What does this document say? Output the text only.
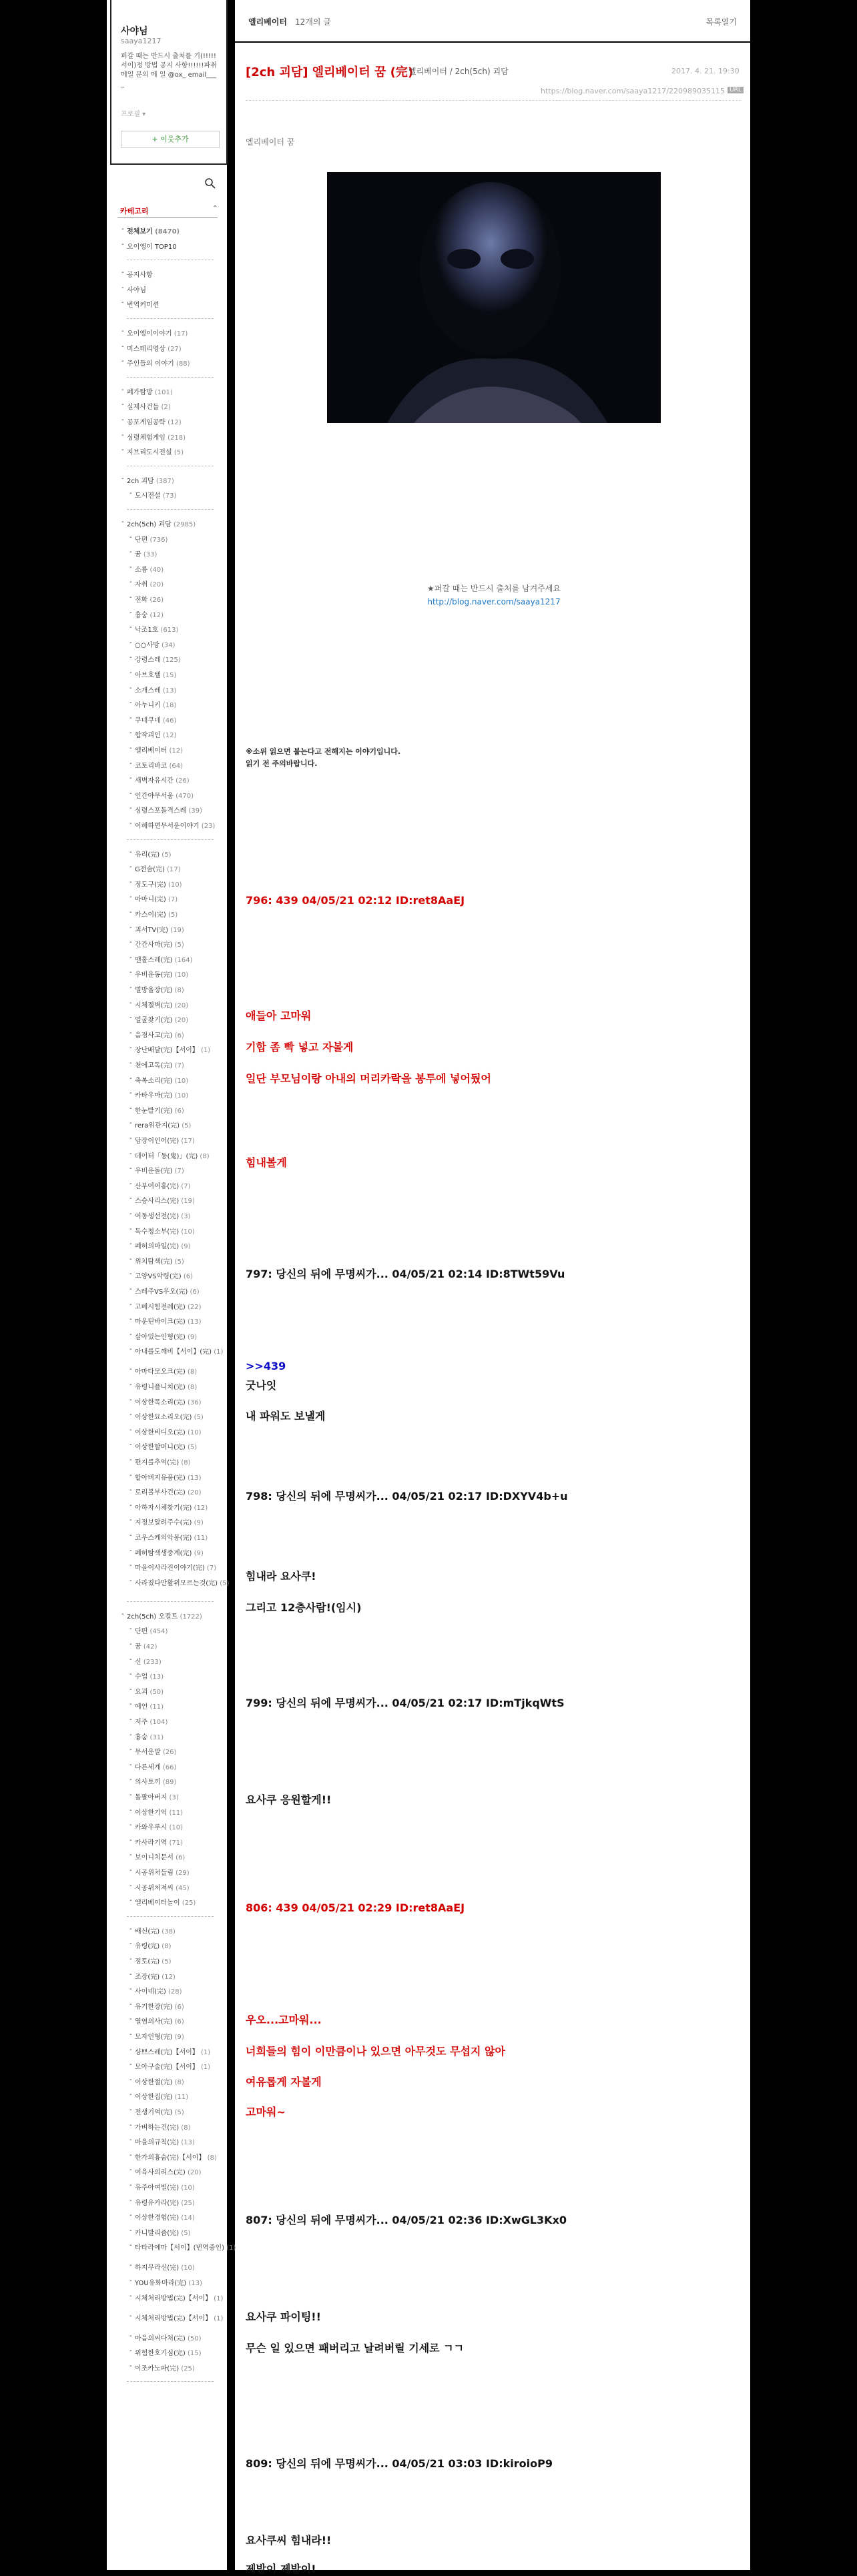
사야님
saaya1217
퍼갈 때는 반드시 출처를 기(!!!!! 서이)정 방법 공지 사항!!!!!!파취메일 문의 메 일 @ox_ email____
프로필 ▾
+ 이웃추가
카테고리	⌃
엘리베이터 12개의 글	목록열기
[2ch 괴담] 엘리베이터 꿈 (完)
엘리베이터 / 2ch(5ch) 괴담	2017. 4. 21. 19:30
https://blog.naver.com/saaya1217/220989035115 URL
엘리베이터 꿈
★퍼갈 때는 반드시 출처를 남겨주세요
http://blog.naver.com/saaya1217
※소위 읽으면 붙는다고 전해지는 이야기입니다.
읽기 전 주의바랍니다.
‐ 전체보기 (8470)
‐ 오이앵이 TOP10
‐ 공지사항
‐ 사야님
‐ 번역커미션
‐ 오이앵이이야기 (17)
‐ 미스테리영상 (27)
‐ 주인들의 이야기 (88)
‐ 폐가탐방 (101)
‐ 실제사건들 (2)
‐ 공포게임공략 (12)
‐ 심령체험게임 (218)
‐ 지브리도시전설 (5)
‐ 2ch 괴담 (387)
‐ 도시전설 (73)
‐ 2ch(5ch) 괴담 (2985)
‐ 단편 (736)
‐ 꿈 (33)
‐ 소름 (40)
‐ 자취 (20)
‐ 전화 (26)
‐ 흉숨 (12)
‐ 낙조1호 (613)
‐ ○○사망 (34)
‐ 강령스레 (125)
‐ 아브호텔 (15)
‐ 소개스레 (13)
‐ 아누니키 (18)
‐ 쿠네쿠네 (46)
‐ 합작괴인 (12)
‐ 엘리베이터 (12)
‐ 코토리바코 (64)
‐ 새벽자유시간 (26)
‐ 인간야무서움 (470)
‐ 심령스포돌격스레 (39)
‐ 이해하면무서운이야기 (23)
‐ 유리(完) (5)
‐ G전술(完) (17)
‐ 정도구(完) (10)
‐ 마마니(完) (7)
‐ 카스이(完) (5)
‐ 괴서TV(完) (19)
‐ 간간사마(完) (5)
‐ 맨홀스레(完) (164)
‐ 우비운동(完) (10)
‐ 별방울장(完) (8)
‐ 시체절벽(完) (20)
‐ 얼굴찾기(完) (20)
‐ 음경사고(完) (6)
‐ 장난배달(完)【서이】 (1)
‐ 천에고독(完) (7)
‐ 축복소리(完) (10)
‐ 카타우마(完) (10)
‐ 한눈밭기(完) (6)
‐ rera위관지(完) (5)
‐ 담장이인어(完) (17)
‐ 데이터「동(鬼)」(完) (8)
‐ 우비운돌(完) (7)
‐ 산부여여홍(完) (7)
‐ 스승사리스(完) (19)
‐ 여동생선전(完) (3)
‐ 독수청소부(完) (10)
‐ 폐허의마일(完) (9)
‐ 위치탐색(完) (5)
‐ 고양VS악령(完) (6)
‐ 스레주VS우오(完) (6)
‐ 고베시힘전례(完) (22)
‐ 마운틴바이크(完) (13)
‐ 살아있는인형(完) (9)
‐ 아내를도깨비【서이】(完) (1)
‐ 아마다모오크(完) (8)
‐ 유령니플니치(完) (8)
‐ 이상한목소리(完) (36)
‐ 이상한묘소리오(完) (5)
‐ 이상한비디오(完) (10)
‐ 이상한할머니(完) (5)
‐ 편지를추억(完) (8)
‐ 할아버지유품(完) (13)
‐ 로리볼부사건(完) (20)
‐ 아하자시체찾기(完) (12)
‐ 지정보알려주수(完) (9)
‐ 코우스케의악몽(完) (11)
‐ 폐허탐색생중계(完) (9)
‐ 마을이사라진이야기(完) (7)
‐ 사라졌다만활위모르는것(完) (5)
‐ 2ch(5ch) 오컬트 (1722)
‐ 단편 (454)
‐ 꿈 (42)
‐ 신 (233)
‐ 수업 (13)
‐ 요괴 (50)
‐ 예언 (11)
‐ 저주 (104)
‐ 흉숨 (31)
‐ 무서운말 (26)
‐ 다른세계 (66)
‐ 의사토끼 (89)
‐ 돌팔아버지 (3)
‐ 이상한기억 (11)
‐ 카와우루시 (10)
‐ 카사라기역 (71)
‐ 보이니치문서 (6)
‐ 시공위처들림 (29)
‐ 시공위처져씨 (45)
‐ 엘리베이터놀이 (25)
‐ 배신(完) (38)
‐ 유령(完) (8)
‐ 점토(完) (5)
‐ 조장(完) (12)
‐ 사이네(完) (28)
‐ 유기한장(完) (6)
‐ 열염의사(完) (6)
‐ 모자인형(完) (9)
‐ 샹쁘스레(完)【서이】 (1)
‐ 모아구술(完)【서이】 (1)
‐ 이상한절(完) (8)
‐ 이상한집(完) (11)
‐ 전생기억(完) (5)
‐ 가벼하는건(完) (8)
‐ 마을의규칙(完) (13)
‐ 한가의흉숨(完)【서이】 (8)
‐ 여육사의리스(完) (20)
‐ 유주아여빌(完) (10)
‐ 유령유카라(完) (25)
‐ 이상한경험(完) (14)
‐ 카니발리즘(完) (5)
‐ 타타라에마【서이】(번역중인) (1)
‐ 하지무라신(完) (10)
‐ YOU유화마라(完) (13)
‐ 시체처리방법(完)【서이】 (1)
‐ 시체처리방법(完)【서이】 (1)
‐ 마음의씨다처(完) (50)
‐ 위험한호기심(完) (15)
‐ 이조카노파(完) (25)
796: 439 04/05/21 02:12 ID:ret8AaEJ
애들아 고마워
기합 좀 빡 넣고 자볼게
일단 부모님이랑 아내의 머리카락을 봉투에 넣어뒀어
힘내볼게
797: 당신의 뒤에 무명씨가... 04/05/21 02:14 ID:8TWt59Vu
>>439
굿나잇
내 파워도 보낼게
798: 당신의 뒤에 무명씨가... 04/05/21 02:17 ID:DXYV4b+u
힘내라 요사쿠!
그리고 12층사람!(임시)
799: 당신의 뒤에 무명씨가... 04/05/21 02:17 ID:mTjkqWtS
요사쿠 응원할게!!
806: 439 04/05/21 02:29 ID:ret8AaEJ
우오...고마워...
너희들의 힘이 이만큼이나 있으면 아무것도 무섭지 않아
여유롭게 자볼게
고마워~
807: 당신의 뒤에 무명씨가... 04/05/21 02:36 ID:XwGL3Kx0
요사쿠 파이팅!!
무슨 일 있으면 패버리고 날려버릴 기세로 ㄱㄱ
809: 당신의 뒤에 무명씨가... 04/05/21 03:03 ID:kiroioP9
요사쿠씨 힘내라!!
제발이 제발이!
